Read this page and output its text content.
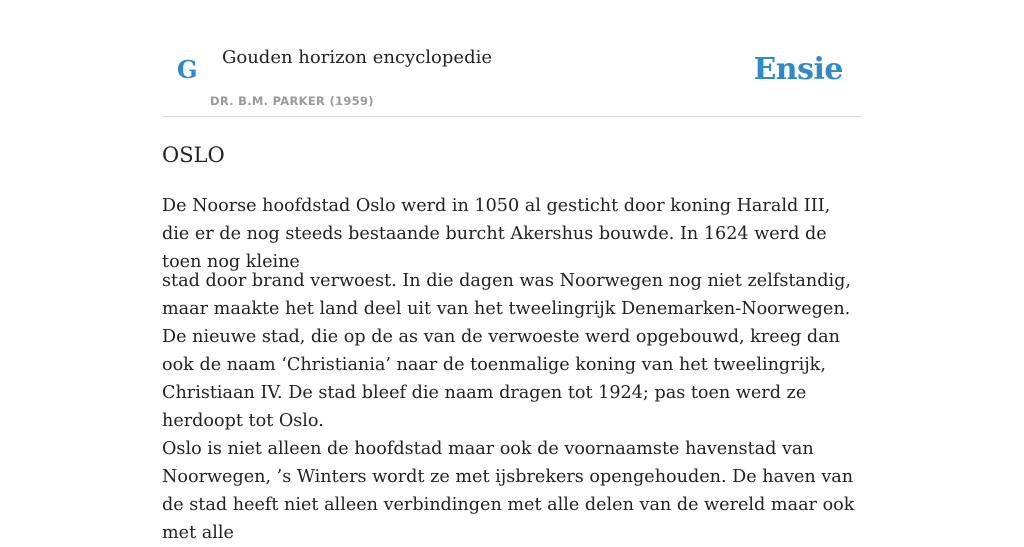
G Gouden horizon encyclopedie
DR. B.M. PARKER (1959)
Ensie
OSLO

De Noorse hoofdstad Oslo werd in 1050 al gesticht door koning Harald III, die er de nog steeds bestaande burcht Akershus bouwde. In 1624 werd de toen nog kleine

stad door brand verwoest. In die dagen was Noorwegen nog niet zelfstandig, maar maakte het land deel uit van het tweelingrijk Denemarken-Noorwegen. De nieuwe stad, die op de as van de verwoeste werd opgebouwd, kreeg dan ook de naam ‘Christiania’ naar de toenmalige koning van het tweelingrijk, Christiaan IV. De stad bleef die naam dragen tot 1924; pas toen werd ze herdoopt tot Oslo.

Oslo is niet alleen de hoofdstad maar ook de voornaamste havenstad van Noorwegen, ’s Winters wordt ze met ijsbrekers opengehouden. De haven van de stad heeft niet alleen verbindingen met alle delen van de wereld maar ook met alle
